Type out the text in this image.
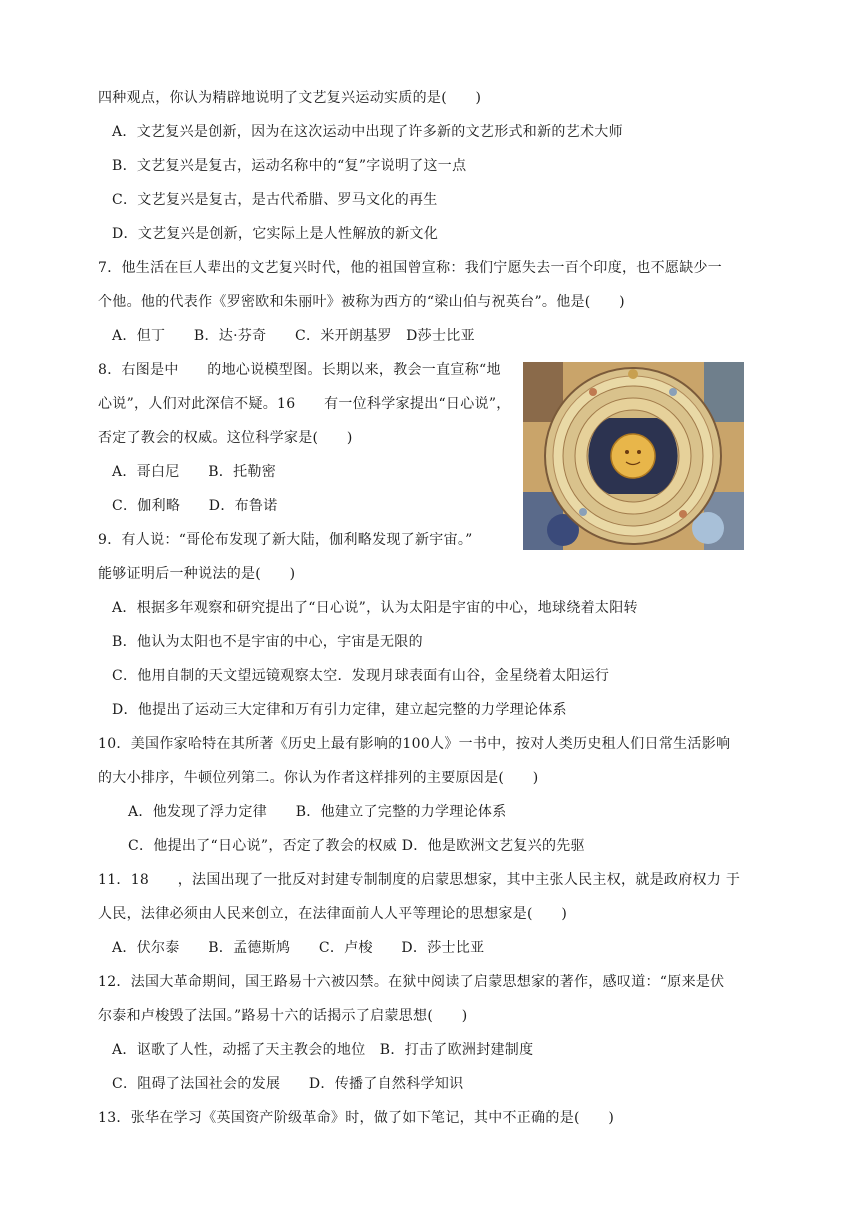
四种观点，你认为精辟地说明了文艺复兴运动实质的是(　　)
A．文艺复兴是创新，因为在这次运动中出现了许多新的文艺形式和新的艺术大师
B．文艺复兴是复古，运动名称中的“复”字说明了这一点
C．文艺复兴是复古，是古代希腊、罗马文化的再生
D．文艺复兴是创新，它实际上是人性解放的新文化
7．他生活在巨人辈出的文艺复兴时代，他的祖国曾宣称：我们宁愿失去一百个印度，也不愿缺少一
个他。他的代表作《罗密欧和朱丽叶》被称为西方的“梁山伯与祝英台”。他是(　　)
A．但丁　　B．达·芬奇　　C．米开朗基罗　D莎士比亚
8．右图是中　　的地心说模型图。长期以来，教会一直宣称“地
心说”，人们对此深信不疑。16　　有一位科学家提出“日心说”，
否定了教会的权威。这位科学家是(　　)
A．哥白尼　　B．托勒密
C．伽利略　　D．布鲁诺
9．有人说：“哥伦布发现了新大陆，伽利略发现了新宇宙。”
能够证明后一种说法的是(　　)
A．根据多年观察和研究提出了“日心说”，认为太阳是宇宙的中心，地球绕着太阳转
B．他认为太阳也不是宇宙的中心，宇宙是无限的
C．他用自制的天文望远镜观察太空．发现月球表面有山谷，金星绕着太阳运行
D．他提出了运动三大定律和万有引力定律，建立起完整的力学理论体系
10．美国作家哈特在其所著《历史上最有影响的100人》一书中，按对人类历史租人们日常生活影响
的大小排序，牛顿位列第二。你认为作者这样排列的主要原因是(　　)
A．他发现了浮力定律　　B．他建立了完整的力学理论体系
C．他提出了“日心说”，否定了教会的权威 D．他是欧洲文艺复兴的先驱
11．18　　，法国出现了一批反对封建专制制度的启蒙思想家，其中主张人民主权，就是政府权力 于
人民，法律必须由人民来创立，在法律面前人人平等理论的思想家是(　　)
A．伏尔泰　　B．孟德斯鸠　　C．卢梭　　D．莎士比亚
12．法国大革命期间，国王路易十六被囚禁。在狱中阅读了启蒙思想家的著作，感叹道：“原来是伏
尔泰和卢梭毁了法国。”路易十六的话揭示了启蒙思想(　　)
A．讴歌了人性，动摇了天主教会的地位　B．打击了欧洲封建制度
C．阻碍了法国社会的发展　　D．传播了自然科学知识
13．张华在学习《英国资产阶级革命》时，做了如下笔记，其中不正确的是(　　)
